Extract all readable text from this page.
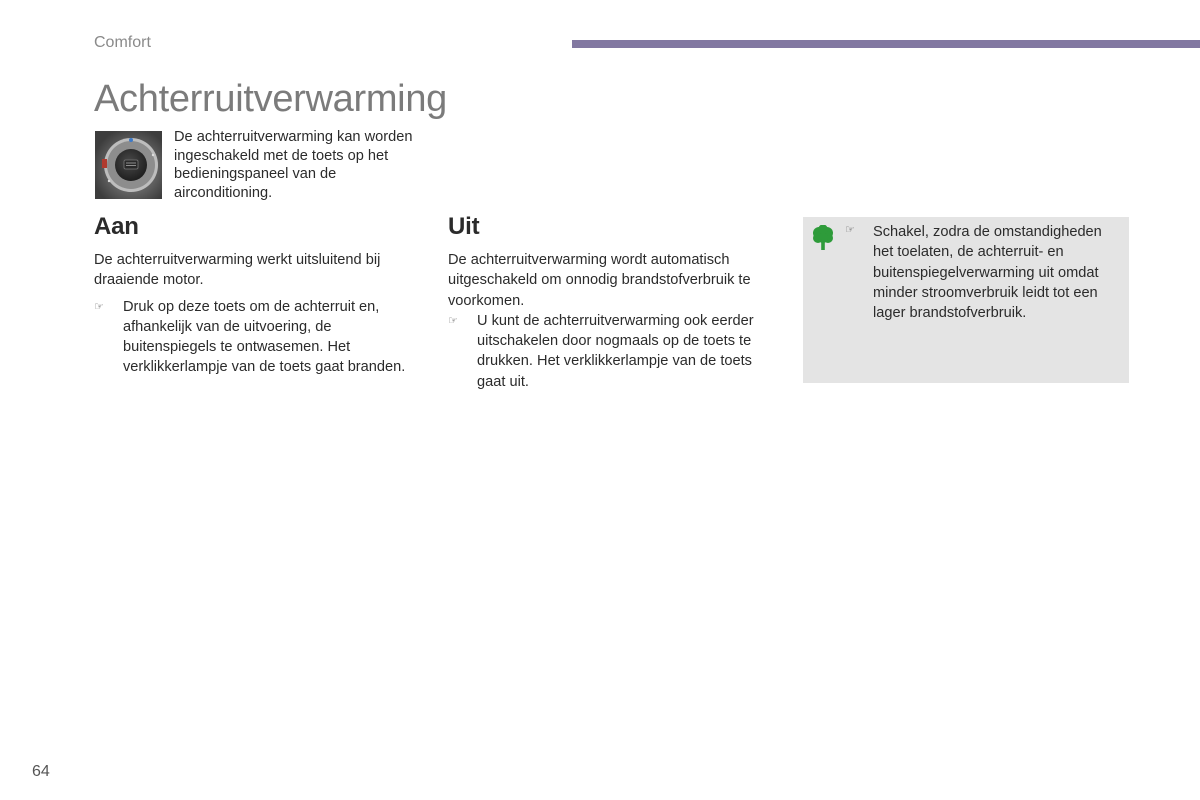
Comfort
Achterruitverwarming

De achterruitverwarming kan worden ingeschakeld met de toets op het bedieningspaneel van de airconditioning.

Aan

De achterruitverwarming werkt uitsluitend bij draaiende motor.

☞ Druk op deze toets om de achterruit en, afhankelijk van de uitvoering, de buitenspiegels te ontwasemen. Het verklikkerlampje van de toets gaat branden.
Uit

De achterruitverwarming wordt automatisch uitgeschakeld om onnodig brandstofverbruik te voorkomen.

☞ U kunt de achterruitverwarming ook eerder uitschakelen door nogmaals op de toets te drukken. Het verklikkerlampje van de toets gaat uit.
☞ Schakel, zodra de omstandigheden het toelaten, de achterruit- en buitenspiegelverwarming uit omdat minder stroomverbruik leidt tot een lager brandstofverbruik.

64
